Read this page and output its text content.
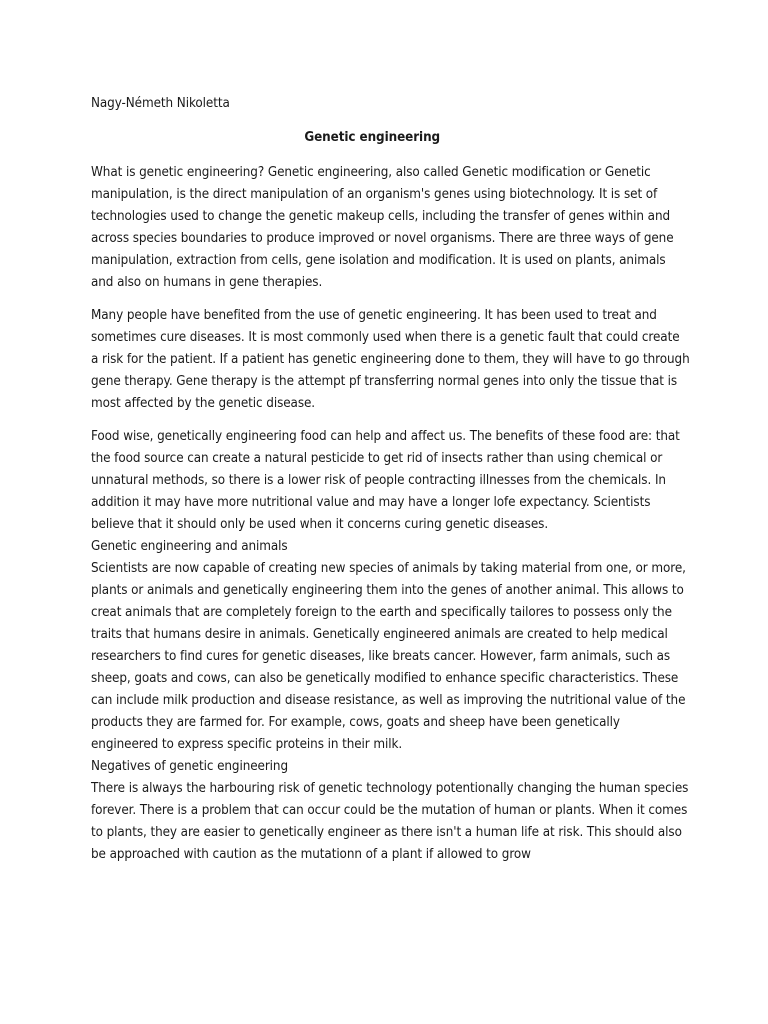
Nagy-Németh Nikoletta

Genetic engineering

What is genetic engineering? Genetic engineering, also called Genetic modification or Genetic manipulation, is the direct manipulation of an organism's genes using biotechnology. It is set of technologies used to change the genetic makeup cells, including the transfer of genes within and across species boundaries to produce improved or novel organisms. There are three ways of gene manipulation, extraction from cells, gene isolation and modification. It is used on plants, animals and also on humans in gene therapies.

Many people have benefited from the use of genetic engineering. It has been used to treat and sometimes cure diseases. It is most commonly used when there is a genetic fault that could create a risk for the patient. If a patient has genetic engineering done to them, they will have to go through gene therapy. Gene therapy is the attempt pf transferring normal genes into only the tissue that is most affected by the genetic disease.

Food wise, genetically engineering food can help and affect us. The benefits of these food are: that the food source can create a natural pesticide to get rid of insects rather than using chemical or unnatural methods, so there is a lower risk of people contracting illnesses from the chemicals. In addition it may have more nutritional value and may have a longer lofe expectancy. Scientists believe that it should only be used when it concerns curing genetic diseases.

Genetic engineering and animals

Scientists are now capable of creating new species of animals by taking material from one, or more, plants or animals and genetically engineering them into the genes of another animal. This allows to creat animals that are completely foreign to the earth and specifically tailores to possess only the traits that humans desire in animals. Genetically engineered animals are created to help medical researchers to find cures for genetic diseases, like breats cancer. However, farm animals, such as sheep, goats and cows, can also be genetically modified to enhance specific characteristics. These can include milk production and disease resistance, as well as improving the nutritional value of the products they are farmed for. For example, cows, goats and sheep have been genetically engineered to express specific proteins in their milk.

Negatives of genetic engineering

There is always the harbouring risk of genetic technology potentionally changing the human species forever. There is a problem that can occur could be the mutation of human or plants. When it comes to plants, they are easier to genetically engineer as there isn't a human life at risk. This should also be approached with caution as the mutationn of a plant if allowed to grow
